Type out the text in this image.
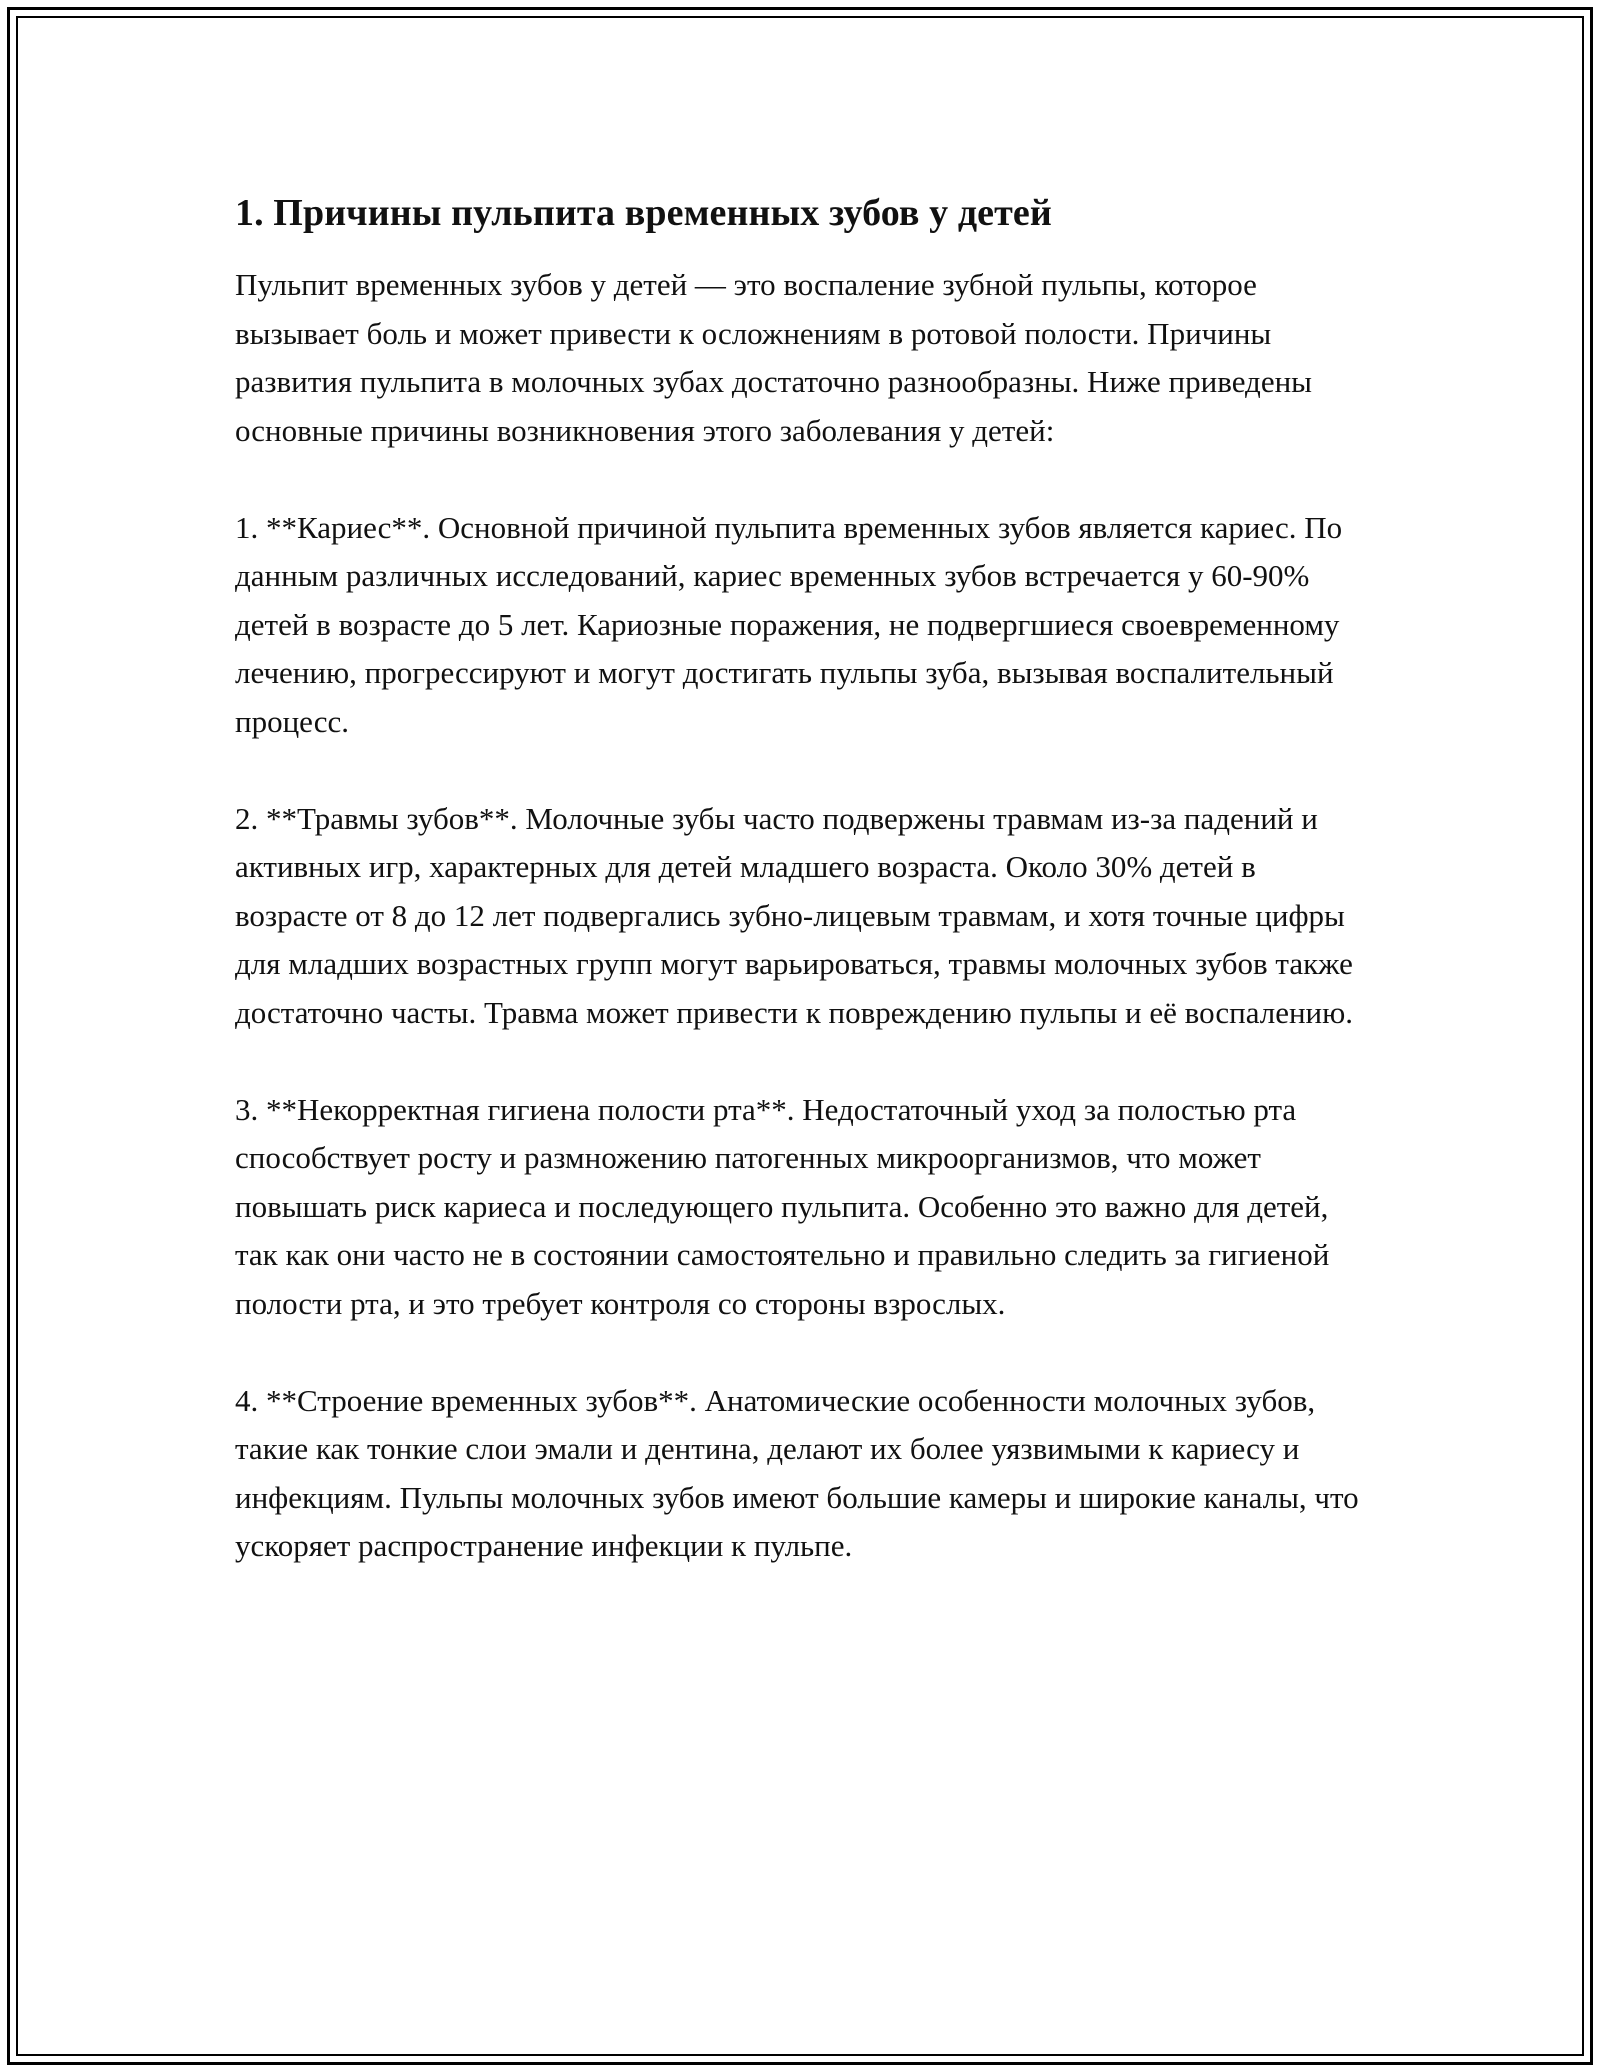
1. Причины пульпита временных зубов у детей

Пульпит временных зубов у детей — это воспаление зубной пульпы, которое вызывает боль и может привести к осложнениям в ротовой полости. Причины развития пульпита в молочных зубах достаточно разнообразны. Ниже приведены основные причины возникновения этого заболевания у детей:

1. **Кариес**. Основной причиной пульпита временных зубов является кариес. По данным различных исследований, кариес временных зубов встречается у 60-90% детей в возрасте до 5 лет. Кариозные поражения, не подвергшиеся своевременному лечению, прогрессируют и могут достигать пульпы зуба, вызывая воспалительный процесс.

2. **Травмы зубов**. Молочные зубы часто подвержены травмам из-за падений и активных игр, характерных для детей младшего возраста. Около 30% детей в возрасте от 8 до 12 лет подвергались зубно-лицевым травмам, и хотя точные цифры для младших возрастных групп могут варьироваться, травмы молочных зубов также достаточно часты. Травма может привести к повреждению пульпы и её воспалению.

3. **Некорректная гигиена полости рта**. Недостаточный уход за полостью рта способствует росту и размножению патогенных микроорганизмов, что может повышать риск кариеса и последующего пульпита. Особенно это важно для детей, так как они часто не в состоянии самостоятельно и правильно следить за гигиеной полости рта, и это требует контроля со стороны взрослых.

4. **Строение временных зубов**. Анатомические особенности молочных зубов, такие как тонкие слои эмали и дентина, делают их более уязвимыми к кариесу и инфекциям. Пульпы молочных зубов имеют большие камеры и широкие каналы, что ускоряет распространение инфекции к пульпе.
